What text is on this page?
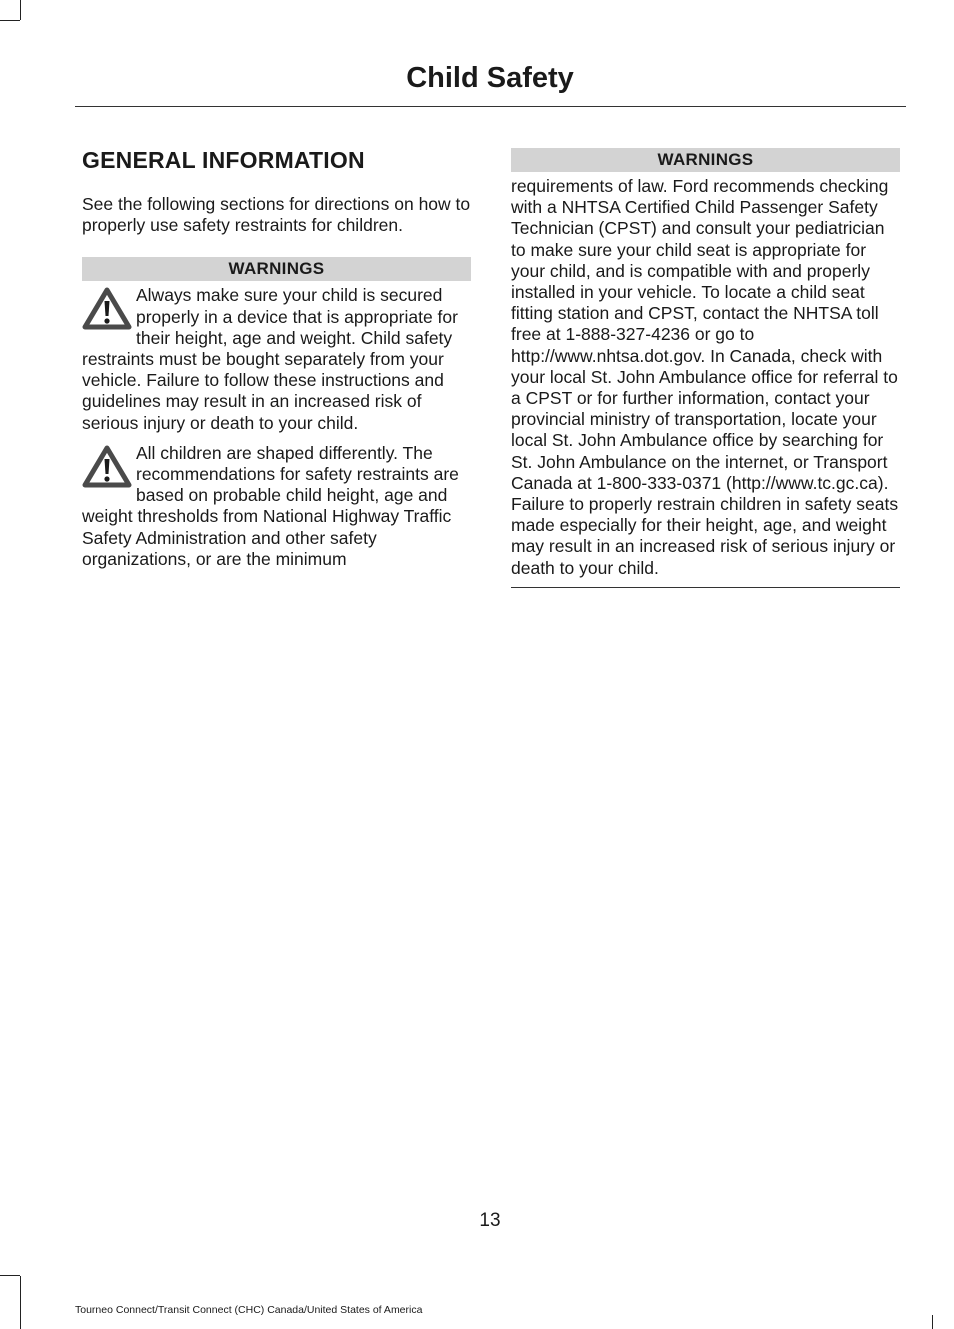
Child Safety
GENERAL INFORMATION

See the following sections for directions on how to properly use safety restraints for children.

WARNINGS

Always make sure your child is secured properly in a device that is appropriate for their height, age and weight. Child safety restraints must be bought separately from your vehicle. Failure to follow these instructions and guidelines may result in an increased risk of serious injury or death to your child.

All children are shaped differently. The recommendations for safety restraints are based on probable child height, age and weight thresholds from National Highway Traffic Safety Administration and other safety organizations, or are the minimum

WARNINGS

requirements of law. Ford recommends checking with a NHTSA Certified Child Passenger Safety Technician (CPST) and consult your pediatrician to make sure your child seat is appropriate for your child, and is compatible with and properly installed in your vehicle. To locate a child seat fitting station and CPST, contact the NHTSA toll free at 1-888-327-4236 or go to http://www.nhtsa.dot.gov. In Canada, check with your local St. John Ambulance office for referral to a CPST or for further information, contact your provincial ministry of transportation, locate your local St. John Ambulance office by searching for St. John Ambulance on the internet, or Transport Canada at 1-800-333-0371 (http://www.tc.gc.ca). Failure to properly restrain children in safety seats made especially for their height, age, and weight may result in an increased risk of serious injury or death to your child.

13
Tourneo Connect/Transit Connect (CHC) Canada/United States of America
